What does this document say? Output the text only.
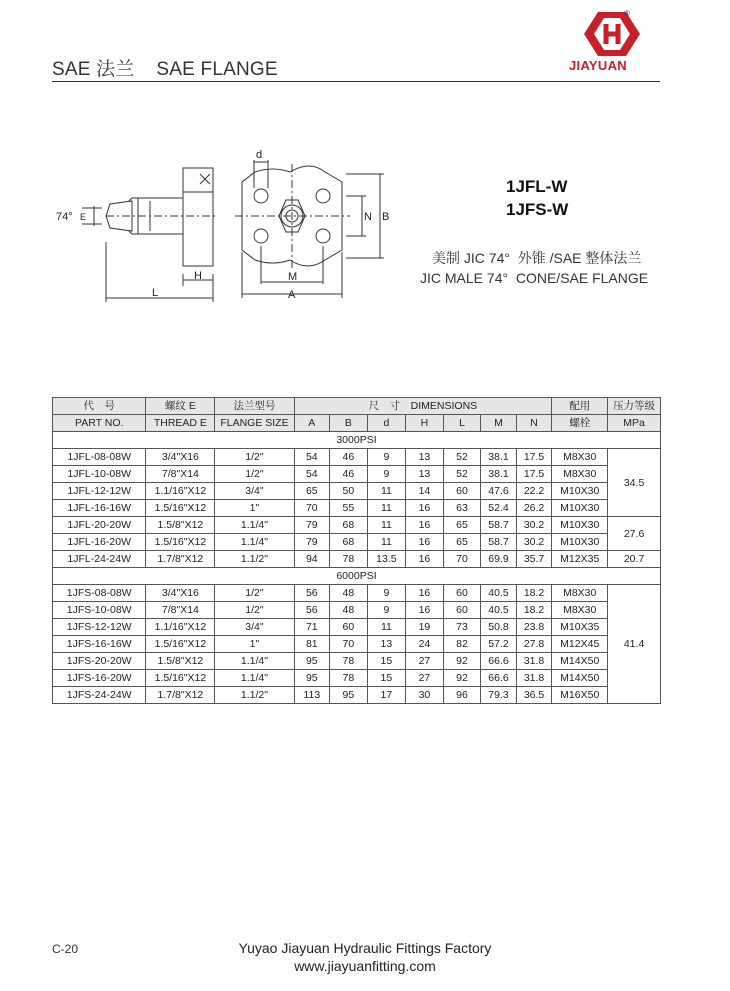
SAE 法兰    SAE FLANGE
®
JIAYUAN
d
74° E
H
L
N B
M
A
1JFL-W
1JFS-W
美制 JIC 74°  外锥 /SAE 整体法兰
JIC MALE 74°  CONE/SAE FLANGE
代　号	螺纹 E	法兰型号	尺　寸　DIMENSIONS							配用	压力等级
PART NO.	THREAD E	FLANGE SIZE	A	B	d	H	L	M	N	螺栓	MPa
3000PSI											
1JFL-08-08W	3/4"X16	1/2"	54	46	9	13	52	38.1	17.5	M8X30	34.5
1JFL-10-08W	7/8"X14	1/2"	54	46	9	13	52	38.1	17.5	M8X30	
1JFL-12-12W	1.1/16"X12	3/4"	65	50	11	14	60	47.6	22.2	M10X30	
1JFL-16-16W	1.5/16"X12	1"	70	55	11	16	63	52.4	26.2	M10X30	
1JFL-20-20W	1.5/8"X12	1.1/4"	79	68	11	16	65	58.7	30.2	M10X30	27.6
1JFL-16-20W	1.5/16"X12	1.1/4"	79	68	11	16	65	58.7	30.2	M10X30	
1JFL-24-24W	1.7/8"X12	1.1/2"	94	78	13.5	16	70	69.9	35.7	M12X35	20.7
6000PSI											
1JFS-08-08W	3/4"X16	1/2"	56	48	9	16	60	40.5	18.2	M8X30	41.4
1JFS-10-08W	7/8"X14	1/2"	56	48	9	16	60	40.5	18.2	M8X30	
1JFS-12-12W	1.1/16"X12	3/4"	71	60	11	19	73	50.8	23.8	M10X35	
1JFS-16-16W	1.5/16"X12	1"	81	70	13	24	82	57.2	27.8	M12X45	
1JFS-20-20W	1.5/8"X12	1.1/4"	95	78	15	27	92	66.6	31.8	M14X50	
1JFS-16-20W	1.5/16"X12	1.1/4"	95	78	15	27	92	66.6	31.8	M14X50	
1JFS-24-24W	1.7/8"X12	1.1/2"	113	95	17	30	96	79.3	36.5	M16X50	
C-20	Yuyao Jiayuan Hydraulic Fittings Factory
www.jiayuanfitting.com
